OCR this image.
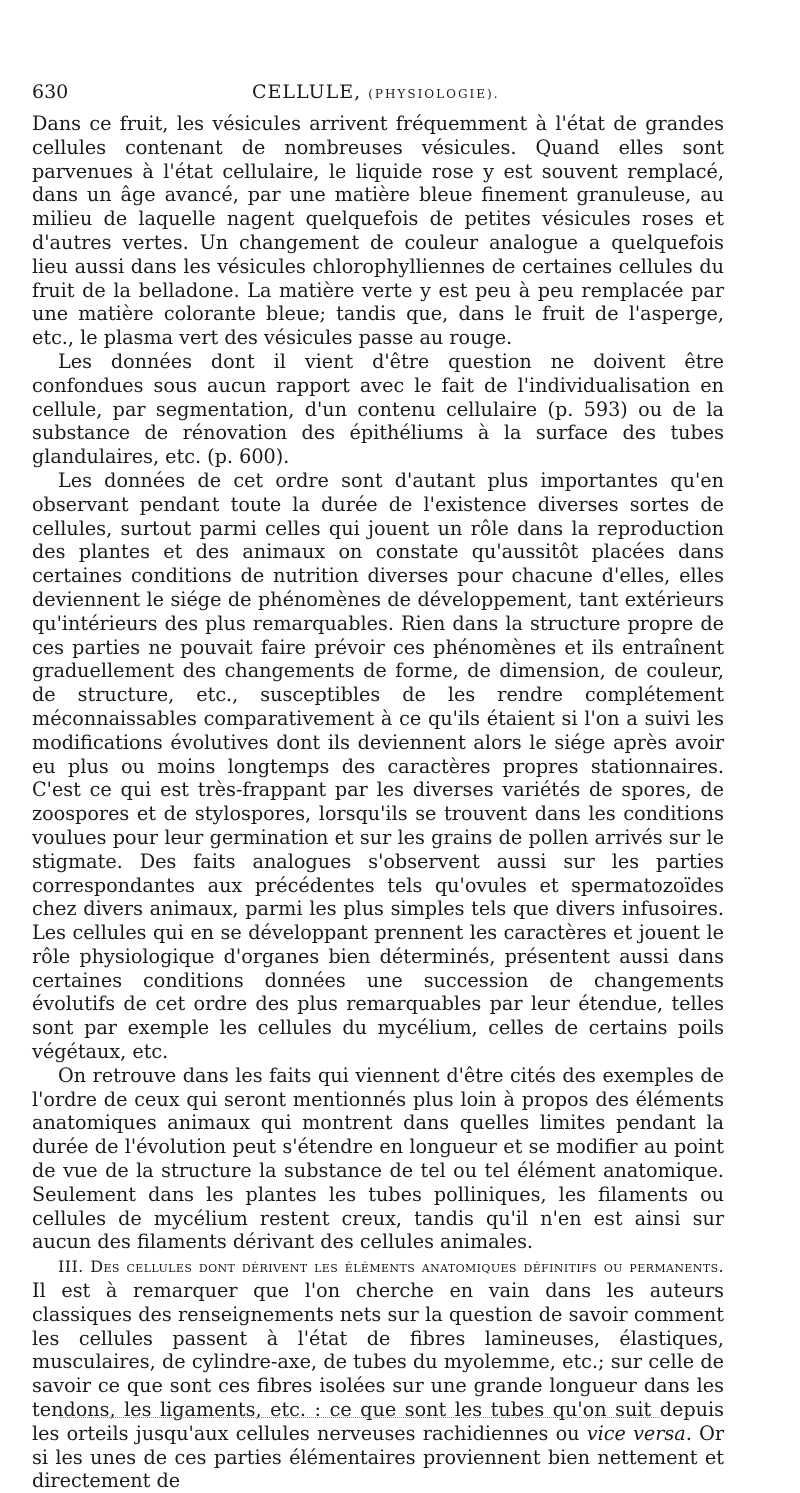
630	CELLULE, (PHYSIOLOGIE).

Dans ce fruit, les vésicules arrivent fréquemment à l'état de grandes cellules contenant de nombreuses vésicules. Quand elles sont parvenues à l'état cellulaire, le liquide rose y est souvent remplacé, dans un âge avancé, par une matière bleue finement granuleuse, au milieu de laquelle nagent quelquefois de petites vésicules roses et d'autres vertes. Un changement de couleur analogue a quelquefois lieu aussi dans les vésicules chlorophylliennes de certaines cellules du fruit de la belladone. La matière verte y est peu à peu remplacée par une matière colorante bleue; tandis que, dans le fruit de l'asperge, etc., le plasma vert des vésicules passe au rouge.

Les données dont il vient d'être question ne doivent être confondues sous aucun rapport avec le fait de l'individualisation en cellule, par segmentation, d'un contenu cellulaire (p. 593) ou de la substance de rénovation des épithéliums à la surface des tubes glandulaires, etc. (p. 600).

Les données de cet ordre sont d'autant plus importantes qu'en observant pendant toute la durée de l'existence diverses sortes de cellules, surtout parmi celles qui jouent un rôle dans la reproduction des plantes et des animaux on constate qu'aussitôt placées dans certaines conditions de nutrition diverses pour chacune d'elles, elles deviennent le siége de phénomènes de développement, tant extérieurs qu'intérieurs des plus remarquables. Rien dans la structure propre de ces parties ne pouvait faire prévoir ces phénomènes et ils entraînent graduellement des changements de forme, de dimension, de couleur, de structure, etc., susceptibles de les rendre complétement méconnaissables comparativement à ce qu'ils étaient si l'on a suivi les modifications évolutives dont ils deviennent alors le siége après avoir eu plus ou moins longtemps des caractères propres stationnaires. C'est ce qui est très-frappant par les diverses variétés de spores, de zoospores et de stylospores, lorsqu'ils se trouvent dans les conditions voulues pour leur germination et sur les grains de pollen arrivés sur le stigmate. Des faits analogues s'observent aussi sur les parties correspondantes aux précédentes tels qu'ovules et spermatozoïdes chez divers animaux, parmi les plus simples tels que divers infusoires. Les cellules qui en se développant prennent les caractères et jouent le rôle physiologique d'organes bien déterminés, présentent aussi dans certaines conditions données une succession de changements évolutifs de cet ordre des plus remarquables par leur étendue, telles sont par exemple les cellules du mycélium, celles de certains poils végétaux, etc.

On retrouve dans les faits qui viennent d'être cités des exemples de l'ordre de ceux qui seront mentionnés plus loin à propos des éléments anatomiques animaux qui montrent dans quelles limites pendant la durée de l'évolution peut s'étendre en longueur et se modifier au point de vue de la structure la substance de tel ou tel élément anatomique. Seulement dans les plantes les tubes polliniques, les filaments ou cellules de mycélium restent creux, tandis qu'il n'en est ainsi sur aucun des filaments dérivant des cellules animales.

III. Des cellules dont dérivent les éléments anatomiques définitifs ou permanents. Il est à remarquer que l'on cherche en vain dans les auteurs classiques des renseignements nets sur la question de savoir comment les cellules passent à l'état de fibres lamineuses, élastiques, musculaires, de cylindre-axe, de tubes du myolemme, etc.; sur celle de savoir ce que sont ces fibres isolées sur une grande longueur dans les tendons, les ligaments, etc. : ce que sont les tubes qu'on suit depuis les orteils jusqu'aux cellules nerveuses rachidiennes ou vice versa. Or si les unes de ces parties élémentaires proviennent bien nettement et directement de
